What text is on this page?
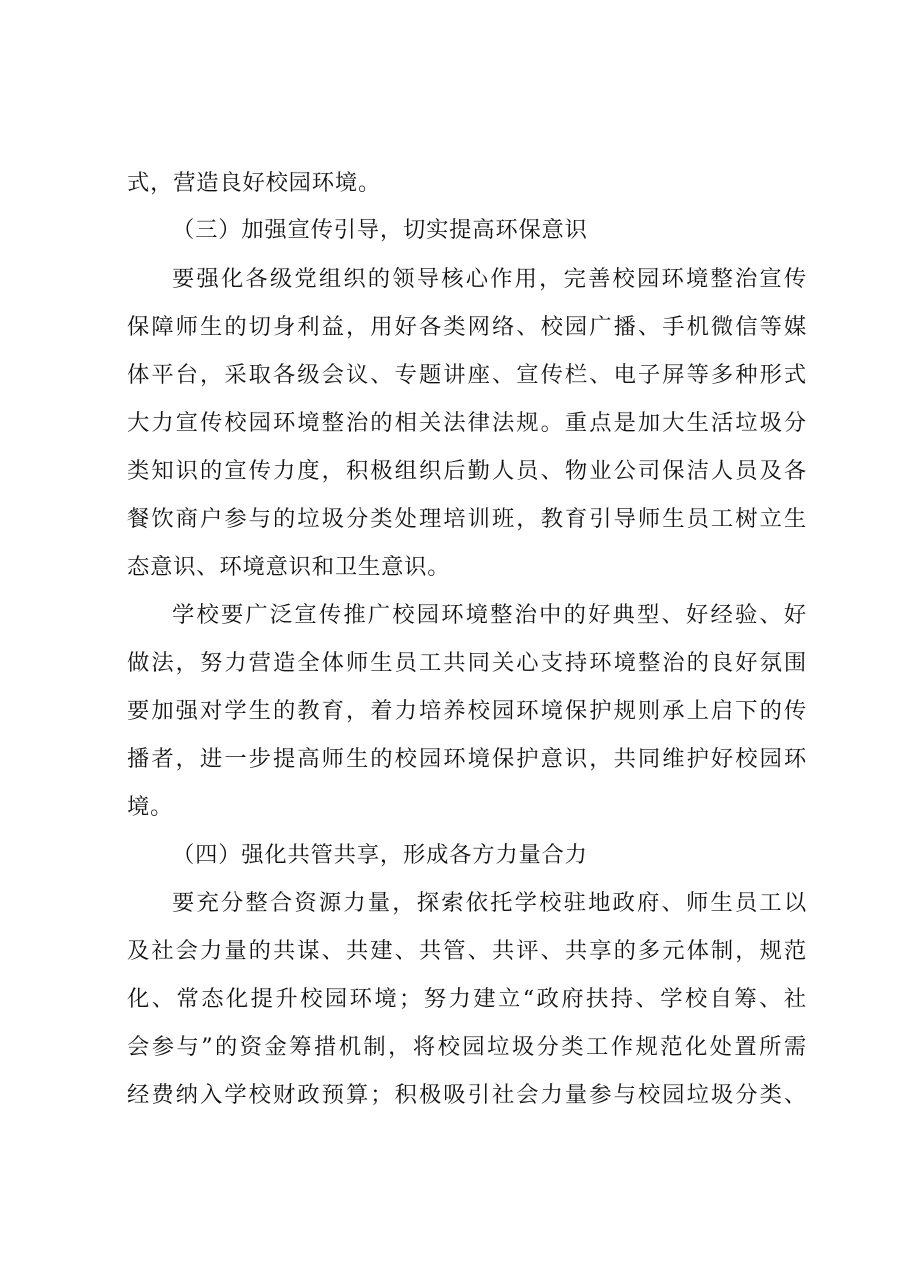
式，营造良好校园环境。
（三）加强宣传引导，切实提高环保意识
要强化各级党组织的领导核心作用，完善校园环境整治宣传
保障师生的切身利益，用好各类网络、校园广播、手机微信等媒
体平台，采取各级会议、专题讲座、宣传栏、电子屏等多种形式
大力宣传校园环境整治的相关法律法规。重点是加大生活垃圾分
类知识的宣传力度，积极组织后勤人员、物业公司保洁人员及各
餐饮商户参与的垃圾分类处理培训班，教育引导师生员工树立生
态意识、环境意识和卫生意识。
学校要广泛宣传推广校园环境整治中的好典型、好经验、好
做法，努力营造全体师生员工共同关心支持环境整治的良好氛围
要加强对学生的教育，着力培养校园环境保护规则承上启下的传
播者，进一步提高师生的校园环境保护意识，共同维护好校园环
境。
（四）强化共管共享，形成各方力量合力
要充分整合资源力量，探索依托学校驻地政府、师生员工以
及社会力量的共谋、共建、共管、共评、共享的多元体制，规范
化、常态化提升校园环境；努力建立“政府扶持、学校自筹、社
会参与”的资金筹措机制，将校园垃圾分类工作规范化处置所需
经费纳入学校财政预算；积极吸引社会力量参与校园垃圾分类、
